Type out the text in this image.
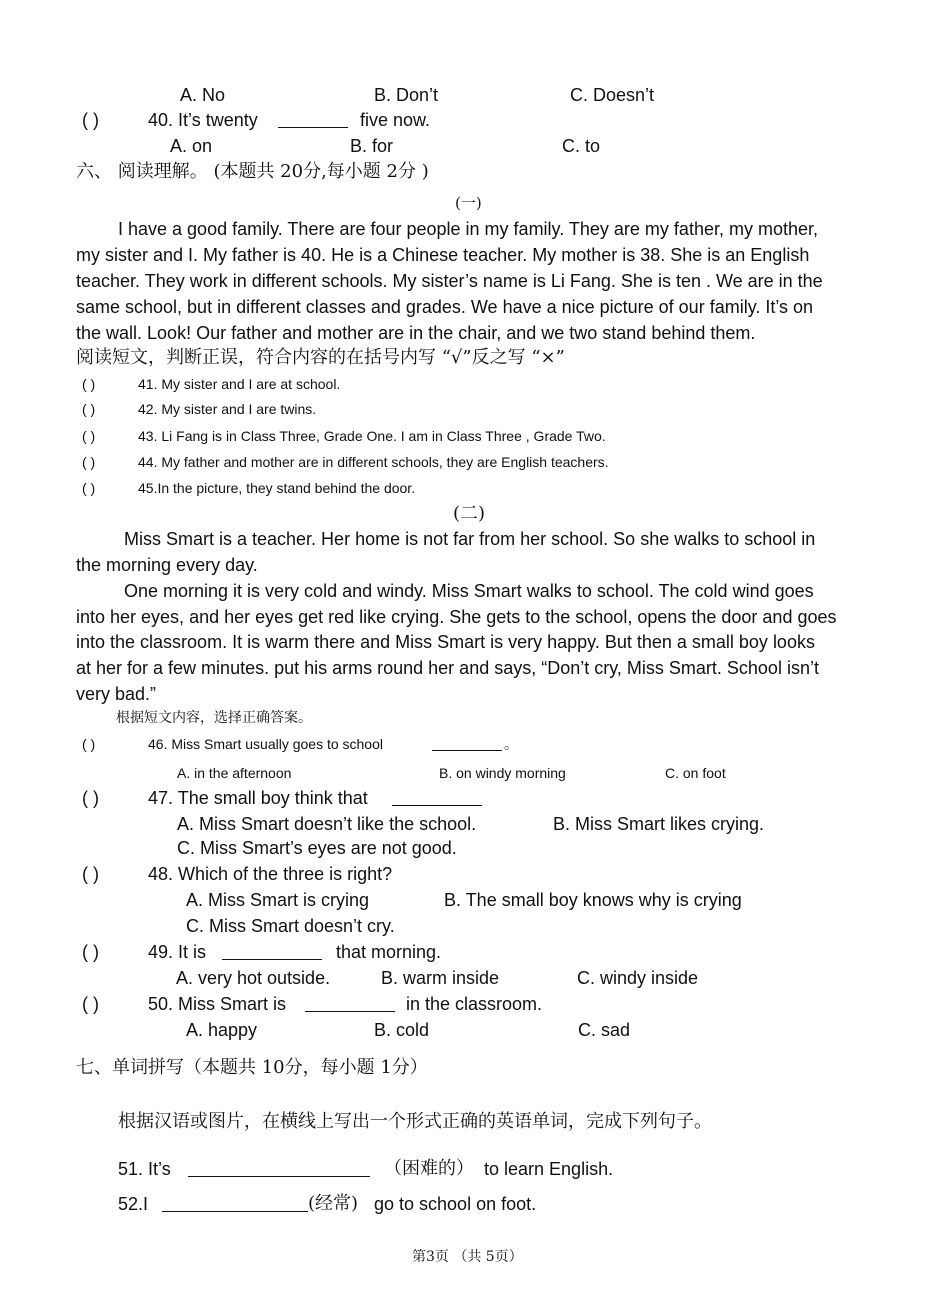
A. No	B. Don’t	C. Doesn’t
( )	40. It’s twenty	five now.
A. on	B. for	C. to
六、 阅读理解。 (本题共 20分,每小题 2分 )
(一)
I have a good family. There are four people in my family. They are my father, my mother,
my sister and I. My father is 40. He is a Chinese teacher. My mother is 38. She is an English
teacher. They work in different schools. My sister’s name is Li Fang. She is ten . We are in the
same school, but in different classes and grades. We have a nice picture of our family. It’s on
the wall. Look! Our father and mother are in the chair, and we two stand behind them.
阅读短文，判断正误，符合内容的在括号内写 “√”反之写 “×”
( )	41. My sister and I are at school.
( )	42. My sister and I are twins.
( )	43. Li Fang is in Class Three, Grade One. I am in Class Three , Grade Two.
( )	44. My father and mother are in different schools, they are English teachers.
( )	45.In the picture, they stand behind the door.
(二)
Miss Smart is a teacher. Her home is not far from her school. So she walks to school in
the morning every day.
One morning it is very cold and windy. Miss Smart walks to school. The cold wind goes
into her eyes, and her eyes get red like crying. She gets to the school, opens the door and goes
into the classroom. It is warm there and Miss Smart is very happy. But then a small boy looks
at her for a few minutes. put his arms round her and says, “Don’t cry, Miss Smart. School isn’t
very bad.”
根据短文内容，选择正确答案。
( )	46. Miss Smart usually goes to school	。
A. in the afternoon	B. on windy morning	C. on foot
( )	47. The small boy think that
A. Miss Smart doesn’t like the school.	B. Miss Smart likes crying.
C. Miss Smart’s eyes are not good.
( )	48. Which of the three is right?
A. Miss Smart is crying	B. The small boy knows why is crying
C. Miss Smart doesn’t cry.
( )	49. It is	that morning.
A. very hot outside.	B. warm inside	C. windy inside
( )	50. Miss Smart is	in the classroom.
A. happy	B. cold	C. sad
七、单词拼写（本题共 10分，每小题 1分）
根据汉语或图片，在横线上写出一个形式正确的英语单词，完成下列句子。
51. It’s	（困难的） to learn English.
52.I	(经常) go to school on foot.
第3页 （共 5页）
